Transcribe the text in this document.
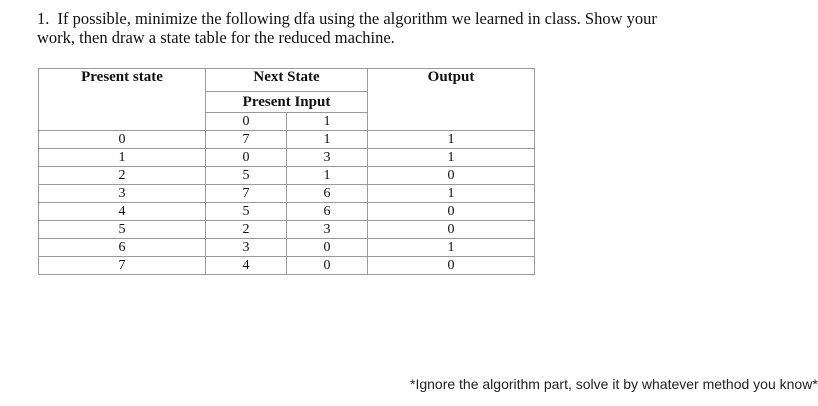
1. If possible, minimize the following dfa using the algorithm we learned in class. Show your
work, then draw a state table for the reduced machine.
Present state	Next State		Output
	Present Input		
	0	1	
0	7	1	1
1	0	3	1
2	5	1	0
3	7	6	1
4	5	6	0
5	2	3	0
6	3	0	1
7	4	0	0
*Ignore the algorithm part, solve it by whatever method you know*
